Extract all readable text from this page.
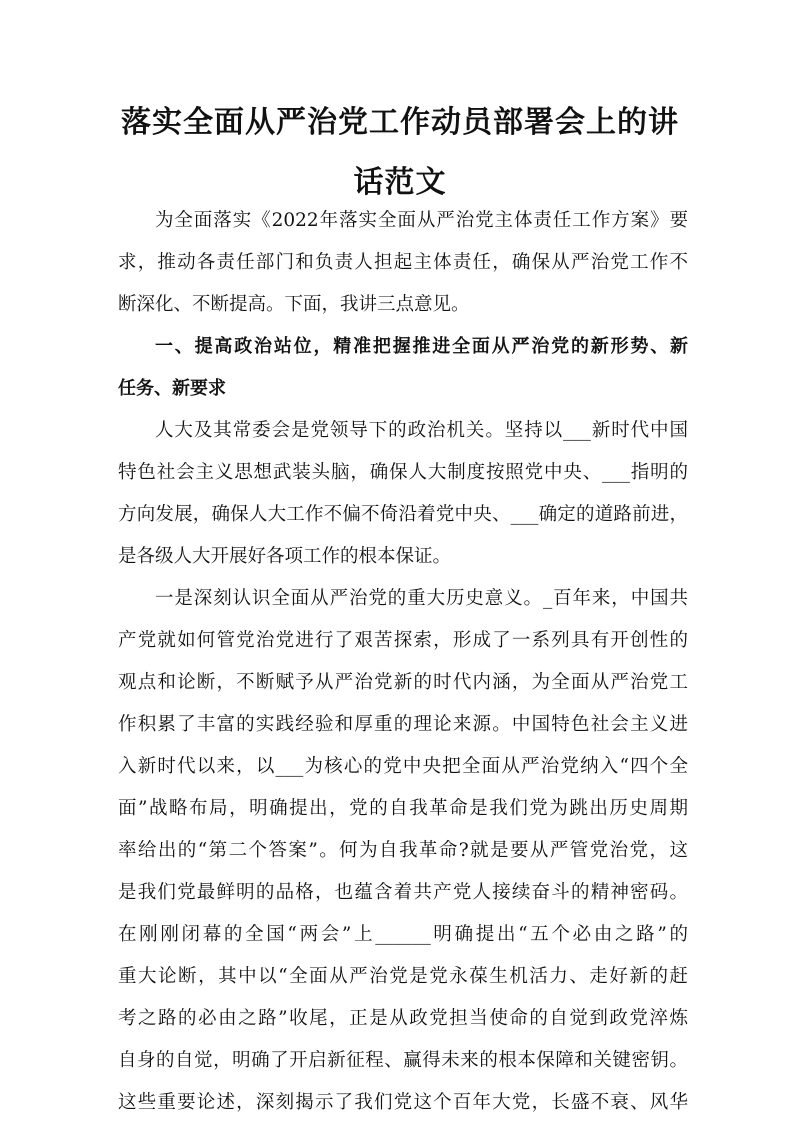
落实全面从严治党工作动员部署会上的讲
话范文
为全面落实《2022年落实全面从严治党主体责任工作方案》要
求，推动各责任部门和负责人担起主体责任，确保从严治党工作不
断深化、不断提高。下面，我讲三点意见。
一、提高政治站位，精准把握推进全面从严治党的新形势、新
任务、新要求
人大及其常委会是党领导下的政治机关。坚持以___新时代中国
特色社会主义思想武装头脑，确保人大制度按照党中央、___指明的
方向发展，确保人大工作不偏不倚沿着党中央、___确定的道路前进，
是各级人大开展好各项工作的根本保证。
一是深刻认识全面从严治党的重大历史意义。_百年来，中国共
产党就如何管党治党进行了艰苦探索，形成了一系列具有开创性的
观点和论断，不断赋予从严治党新的时代内涵，为全面从严治党工
作积累了丰富的实践经验和厚重的理论来源。中国特色社会主义进
入新时代以来，以___为核心的党中央把全面从严治党纳入“四个全
面”战略布局，明确提出，党的自我革命是我们党为跳出历史周期
率给出的“第二个答案”。何为自我革命?就是要从严管党治党，这
是我们党最鲜明的品格，也蕴含着共产党人接续奋斗的精神密码。
在刚刚闭幕的全国“两会”上______明确提出“五个必由之路”的
重大论断，其中以“全面从严治党是党永葆生机活力、走好新的赶
考之路的必由之路”收尾，正是从政党担当使命的自觉到政党淬炼
自身的自觉，明确了开启新征程、赢得未来的根本保障和关键密钥。
这些重要论述，深刻揭示了我们党这个百年大党，长盛不衰、风华
